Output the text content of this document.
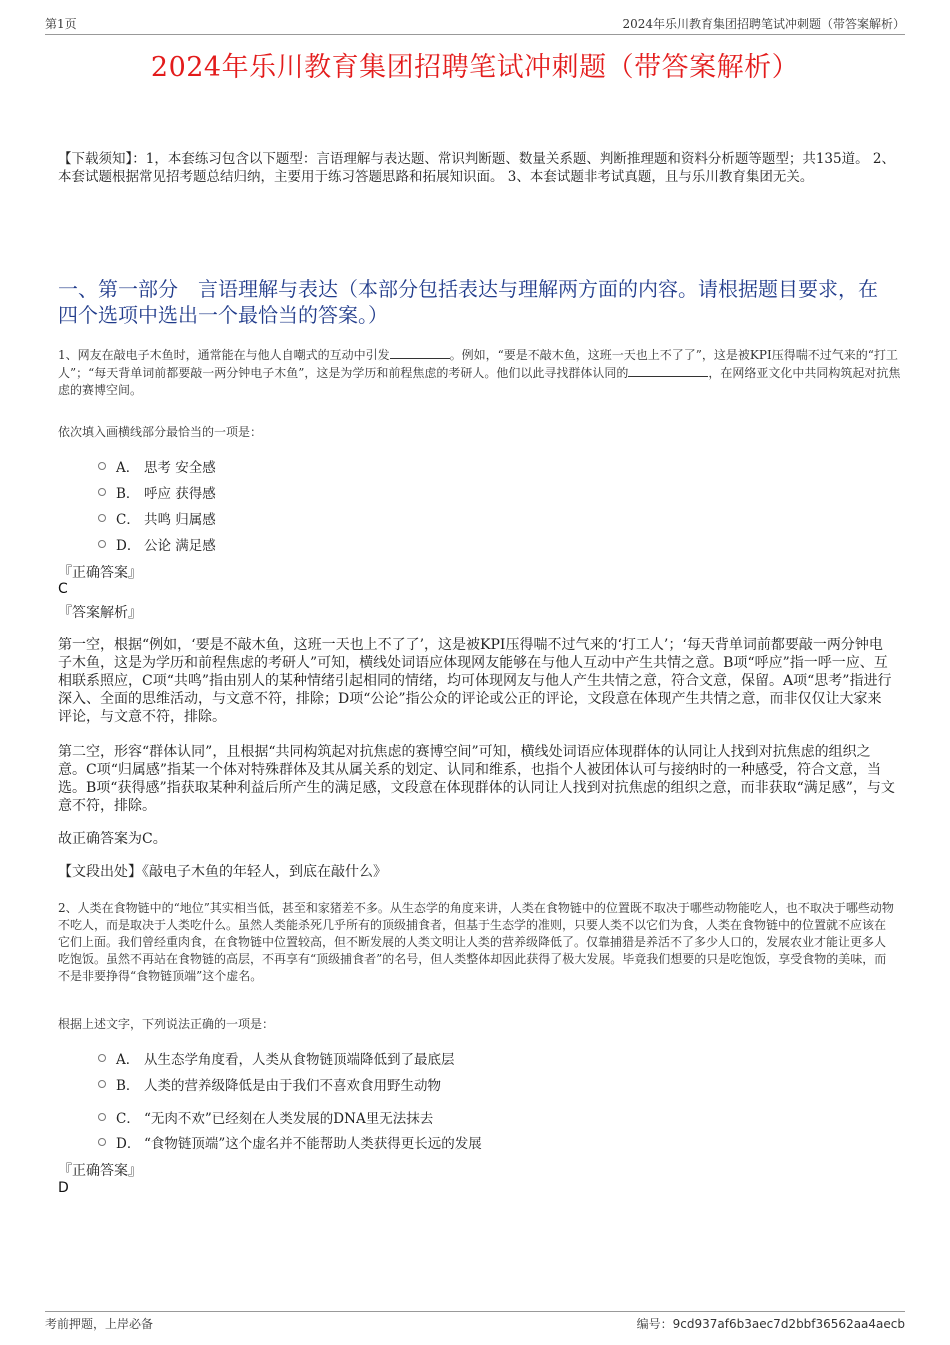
第1页	2024年乐川教育集团招聘笔试冲刺题（带答案解析）
2024年乐川教育集团招聘笔试冲刺题（带答案解析）
【下载须知】：1，本套练习包含以下题型：言语理解与表达题、常识判断题、数量关系题、判断推理题和资料分析题等题型；共135道。 2、本套试题根据常见招考题总结归纳，主要用于练习答题思路和拓展知识面。 3、本套试题非考试真题，且与乐川教育集团无关。
一、第一部分　言语理解与表达（本部分包括表达与理解两方面的内容。请根据题目要求，在四个选项中选出一个最恰当的答案。）
1、网友在敲电子木鱼时，通常能在与他人自嘲式的互动中引发	。例如，“要是不敲木鱼，这班一天也上不了了”，这是被KPI压得喘不过气来的“打工人”；“每天背单词前都要敲一两分钟电子木鱼”，这是为学历和前程焦虑的考研人。他们以此寻找群体认同的	，在网络亚文化中共同构筑起对抗焦虑的赛博空间。
依次填入画横线部分最恰当的一项是：
A． 思考 安全感
B． 呼应 获得感
C． 共鸣 归属感
D． 公论 满足感
『正确答案』
C
『答案解析』
第一空，根据“例如，‘要是不敲木鱼，这班一天也上不了了’，这是被KPI压得喘不过气来的‘打工人’；‘每天背单词前都要敲一两分钟电子木鱼，这是为学历和前程焦虑的考研人”可知，横线处词语应体现网友能够在与他人互动中产生共情之意。B项“呼应”指一呼一应、互相联系照应，C项“共鸣”指由别人的某种情绪引起相同的情绪，均可体现网友与他人产生共情之意，符合文意，保留。A项“思考”指进行深入、全面的思维活动，与文意不符，排除；D项“公论”指公众的评论或公正的评论，文段意在体现产生共情之意，而非仅仅让大家来评论，与文意不符，排除。
第二空，形容“群体认同”，且根据“共同构筑起对抗焦虑的赛博空间”可知，横线处词语应体现群体的认同让人找到对抗焦虑的组织之意。C项“归属感”指某一个体对特殊群体及其从属关系的划定、认同和维系，也指个人被团体认可与接纳时的一种感受，符合文意，当选。B项“获得感”指获取某种利益后所产生的满足感，文段意在体现群体的认同让人找到对抗焦虑的组织之意，而非获取“满足感”，与文意不符，排除。
故正确答案为C。
【文段出处】《敲电子木鱼的年轻人，到底在敲什么》
2、人类在食物链中的“地位”其实相当低，甚至和家猪差不多。从生态学的角度来讲，人类在食物链中的位置既不取决于哪些动物能吃人，也不取决于哪些动物不吃人，而是取决于人类吃什么。虽然人类能杀死几乎所有的顶级捕食者，但基于生态学的准则，只要人类不以它们为食，人类在食物链中的位置就不应该在它们上面。我们曾经重肉食，在食物链中位置较高，但不断发展的人类文明让人类的营养级降低了。仅靠捕猎是养活不了多少人口的，发展农业才能让更多人吃饱饭。虽然不再站在食物链的高层，不再享有“顶级捕食者”的名号，但人类整体却因此获得了极大发展。毕竟我们想要的只是吃饱饭，享受食物的美味，而不是非要挣得“食物链顶端”这个虚名。
根据上述文字，下列说法正确的一项是：
A． 从生态学角度看，人类从食物链顶端降低到了最底层
B． 人类的营养级降低是由于我们不喜欢食用野生动物
C． “无肉不欢”已经刻在人类发展的DNA里无法抹去
D． “食物链顶端”这个虚名并不能帮助人类获得更长远的发展
『正确答案』
D
考前押题，上岸必备	编号：9cd937af6b3aec7d2bbf36562aa4aecb
